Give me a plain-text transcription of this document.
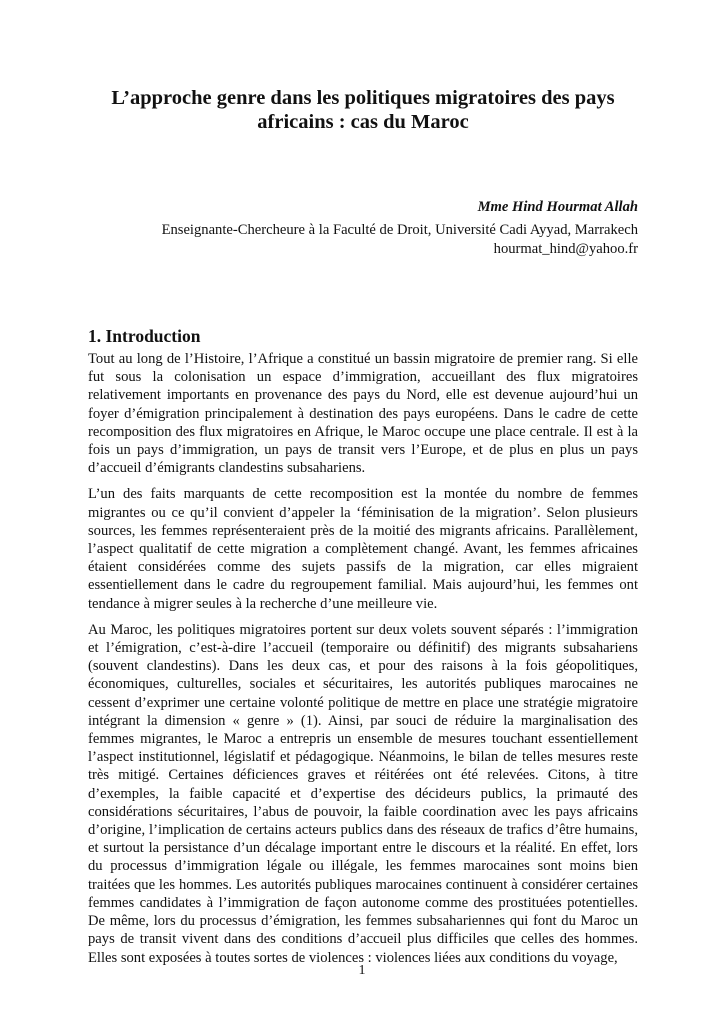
L’approche genre dans les politiques migratoires des pays
africains : cas du Maroc

Mme Hind Hourmat Allah

Enseignante-Chercheure à la Faculté de Droit, Université Cadi Ayyad, Marrakech

hourmat_hind@yahoo.fr

1. Introduction

Tout au long de l’Histoire, l’Afrique a constitué un bassin migratoire de premier rang. Si elle fut sous la colonisation un espace d’immigration, accueillant des flux migratoires relativement importants en provenance des pays du Nord, elle est devenue aujourd’hui un foyer d’émigration principalement à destination des pays européens. Dans le cadre de cette recomposition des flux migratoires en Afrique, le Maroc occupe une place centrale. Il est à la fois un pays d’immigration, un pays de transit vers l’Europe, et de plus en plus un pays d’accueil d’émigrants clandestins subsahariens.

L’un des faits marquants de cette recomposition est la montée du nombre de femmes migrantes ou ce qu’il convient d’appeler la ‘féminisation de la migration’. Selon plusieurs sources, les femmes représenteraient près de la moitié des migrants africains. Parallèlement, l’aspect qualitatif de cette migration a complètement changé. Avant, les femmes africaines étaient considérées comme des sujets passifs de la migration, car elles migraient essentiellement dans le cadre du regroupement familial. Mais aujourd’hui, les femmes ont tendance à migrer seules à la recherche d’une meilleure vie.

Au Maroc, les politiques migratoires portent sur deux volets souvent séparés : l’immigration et l’émigration, c’est-à-dire l’accueil (temporaire ou définitif) des migrants subsahariens (souvent clandestins). Dans les deux cas, et pour des raisons à la fois géopolitiques, économiques, culturelles, sociales et sécuritaires, les autorités publiques marocaines ne cessent d’exprimer une certaine volonté politique de mettre en place une stratégie migratoire intégrant la dimension « genre » (1). Ainsi, par souci de réduire la marginalisation des femmes migrantes, le Maroc a entrepris un ensemble de mesures touchant essentiellement l’aspect institutionnel, législatif et pédagogique. Néanmoins, le bilan de telles mesures reste très mitigé. Certaines déficiences graves et réitérées ont été relevées. Citons, à titre d’exemples, la faible capacité et d’expertise des décideurs publics, la primauté des considérations sécuritaires, l’abus de pouvoir, la faible coordination avec les pays africains d’origine, l’implication de certains acteurs publics dans des réseaux de trafics d’être humains, et surtout la persistance d’un décalage important entre le discours et la réalité. En effet, lors du processus d’immigration légale ou illégale, les femmes marocaines sont moins bien traitées que les hommes. Les autorités publiques marocaines continuent à considérer certaines femmes candidates à l’immigration de façon autonome comme des prostituées potentielles. De même, lors du processus d’émigration, les femmes subsahariennes qui font du Maroc un pays de transit vivent dans des conditions d’accueil plus difficiles que celles des hommes. Elles sont exposées à toutes sortes de violences : violences liées aux conditions du voyage,

1
